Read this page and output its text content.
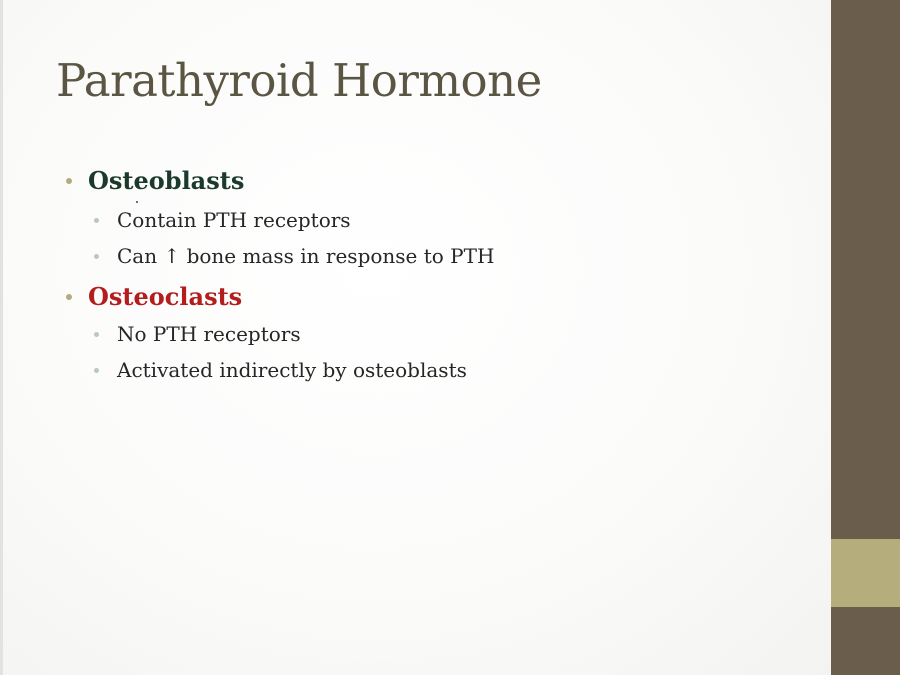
Parathyroid Hormone
Osteoblasts
Contain PTH receptors
Can ↑ bone mass in response to PTH
Osteoclasts
No PTH receptors
Activated indirectly by osteoblasts
